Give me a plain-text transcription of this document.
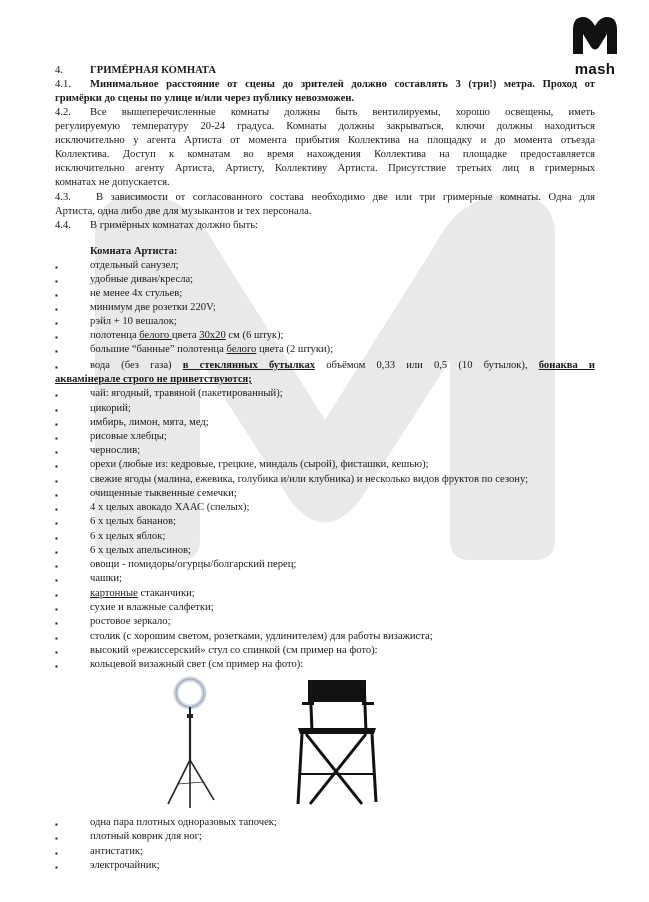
mash
4.	ГРИМЁРНАЯ КОМНАТА
4.1. Минимальное расстояние от сцены до зрителей должно составлять 3 (три!) метра. Проход от
гримёрки до сцены по улице и/или через публику невозможен.
4.2. Все вышеперечисленные комнаты должны быть вентилируемы, хорошо освещены, иметь
регулируемую температуру 20-24 градуса. Комнаты должны закрываться, ключи должны находиться
исключительно у агента Артиста от момента прибытия Коллектива на площадку и до момента отъезда
Коллектива. Доступ к комнатам во время нахождения Коллектива на площадке предоставляется
исключительно агенту Артиста, Артисту, Коллективу Артиста. Присутствие третьих лиц в гримерных
комнатах не допускается.
4.3. В зависимости от согласованного состава необходимо две или три гримерные комнаты. Одна для
Артиста, одна либо две для музыкантов и тех персонала.
4.4. В гримёрных комнатах должно быть:
Комната Артиста:
▪	отдельный санузел;
▪	удобные диван/кресла;
▪	не менее 4х стульев;
▪	минимум две розетки 220V;
▪	рэйл + 10 вешалок;
▪	полотенца белого цвета 30х20 см (6 штук);
▪	большие “банные” полотенца белого цвета (2 штуки);
▪	вода (без газа) в стеклянных бутылках объёмом 0,33 или 0,5 (10 бутылок), бонаква и
аквамінерале строго не приветствуются;
▪	чай: ягодный, травяной (пакетированный);
▪	цикорий;
▪	имбирь, лимон, мята, мед;
▪	рисовые хлебцы;
▪	чернослив;
▪	орехи (любые из: кедровые, грецкие, миндаль (сырой), фисташки, кешью);
▪	свежие ягоды (малина, ежевика, голубика и/или клубника) и несколько видов фруктов по сезону;
▪	очищенные тыквенные семечки;
▪	4 х целых авокадо ХААС (спелых);
▪	6 х целых бананов;
▪	6 х целых яблок;
▪	6 х целых апельсинов;
▪	овощи - помидоры/огурцы/болгарский перец;
▪	чашки;
▪	картонные стаканчики;
▪	сухие и влажные салфетки;
▪	ростовое зеркало;
▪	столик (с хорошим светом, розетками, удлинителем) для работы визажиста;
▪	высокий «режиссерский» стул со спинкой (см пример на фото):
▪	кольцевой визажный свет (см пример на фото):
▪	одна пара плотных одноразовых тапочек;
▪	плотный коврик для ног;
▪	антистатик;
▪	электрочайник;
